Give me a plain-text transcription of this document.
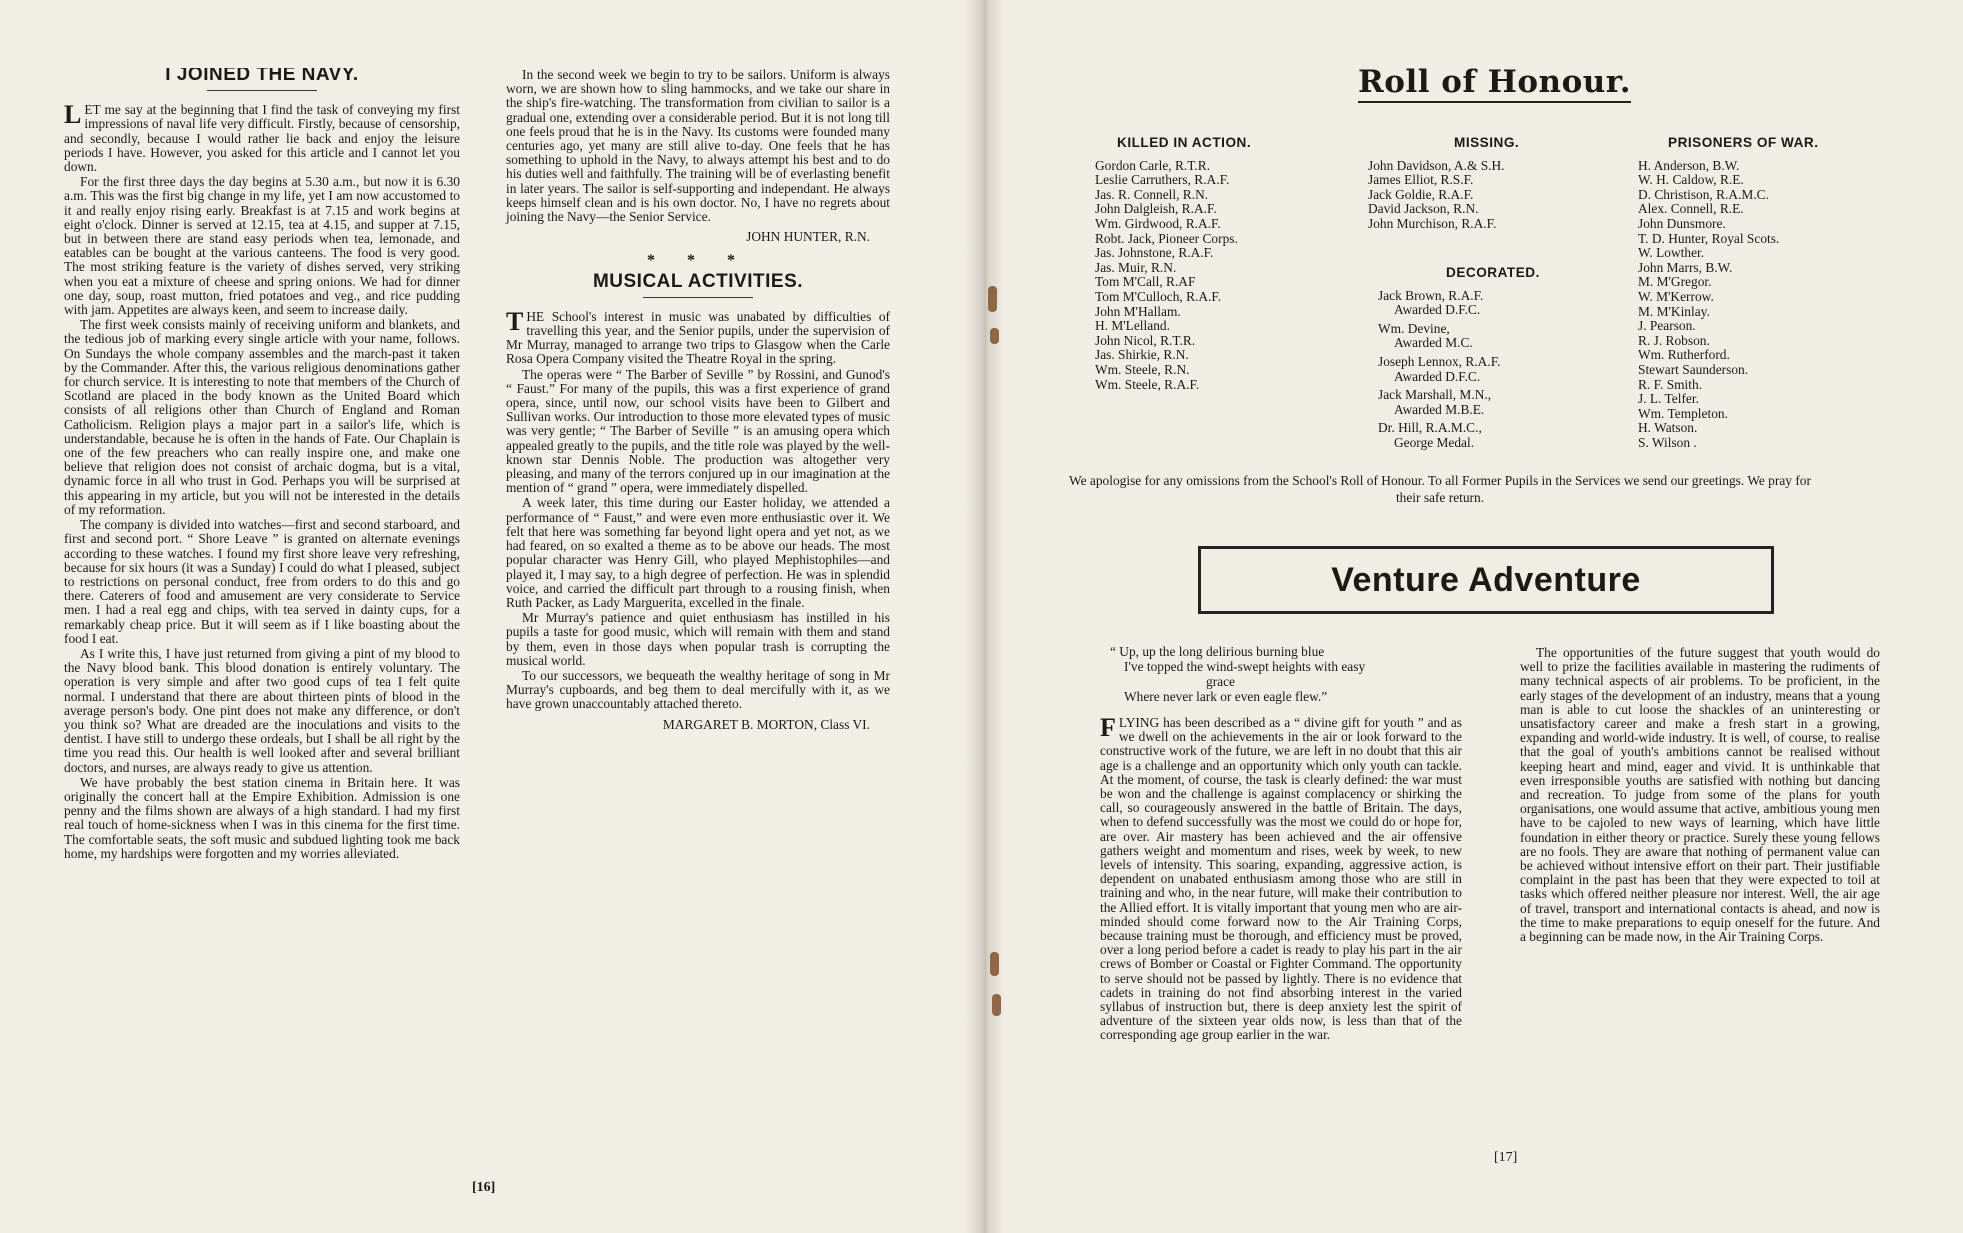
I JOINED THE NAVY.

LET me say at the beginning that I find the task of conveying my first impressions of naval life very difficult. Firstly, because of censorship, and secondly, because I would rather lie back and enjoy the leisure periods I have. However, you asked for this article and I cannot let you down.

For the first three days the day begins at 5.30 a.m., but now it is 6.30 a.m. This was the first big change in my life, yet I am now accustomed to it and really enjoy rising early. Breakfast is at 7.15 and work begins at eight o'clock. Dinner is served at 12.15, tea at 4.15, and supper at 7.15, but in between there are stand easy periods when tea, lemonade, and eatables can be bought at the various canteens. The food is very good. The most striking feature is the variety of dishes served, very striking when you eat a mixture of cheese and spring onions. We had for dinner one day, soup, roast mutton, fried potatoes and veg., and rice pudding with jam. Appetites are always keen, and seem to increase daily.

The first week consists mainly of receiving uniform and blankets, and the tedious job of marking every single article with your name, follows. On Sundays the whole company assembles and the march-past it taken by the Commander. After this, the various religious denominations gather for church service. It is interesting to note that members of the Church of Scotland are placed in the body known as the United Board which consists of all religions other than Church of England and Roman Catholicism. Religion plays a major part in a sailor's life, which is understandable, because he is often in the hands of Fate. Our Chaplain is one of the few preachers who can really inspire one, and make one believe that religion does not consist of archaic dogma, but is a vital, dynamic force in all who trust in God. Perhaps you will be surprised at this appearing in my article, but you will not be interested in the details of my reformation.

The company is divided into watches—first and second starboard, and first and second port. “ Shore Leave ” is granted on alternate evenings according to these watches. I found my first shore leave very refreshing, because for six hours (it was a Sunday) I could do what I pleased, subject to restrictions on personal conduct, free from orders to do this and go there. Caterers of food and amusement are very considerate to Service men. I had a real egg and chips, with tea served in dainty cups, for a remarkably cheap price. But it will seem as if I like boasting about the food I eat.

As I write this, I have just returned from giving a pint of my blood to the Navy blood bank. This blood donation is entirely voluntary. The operation is very simple and after two good cups of tea I felt quite normal. I understand that there are about thirteen pints of blood in the average person's body. One pint does not make any difference, or don't you think so? What are dreaded are the inoculations and visits to the dentist. I have still to undergo these ordeals, but I shall be all right by the time you read this. Our health is well looked after and several brilliant doctors, and nurses, are always ready to give us attention.

We have probably the best station cinema in Britain here. It was originally the concert hall at the Empire Exhibition. Admission is one penny and the films shown are always of a high standard. I had my first real touch of home-sickness when I was in this cinema for the first time. The comfortable seats, the soft music and subdued lighting took me back home, my hardships were forgotten and my worries alleviated.

In the second week we begin to try to be sailors. Uniform is always worn, we are shown how to sling hammocks, and we take our share in the ship's fire-watching. The transformation from civilian to sailor is a gradual one, extending over a considerable period. But it is not long till one feels proud that he is in the Navy. Its customs were founded many centuries ago, yet many are still alive to-day. One feels that he has something to uphold in the Navy, to always attempt his best and to do his duties well and faithfully. The training will be of everlasting benefit in later years. The sailor is self-supporting and independant. He always keeps himself clean and is his own doctor. No, I have no regrets about joining the Navy—the Senior Service.

JOHN HUNTER, R.N.
* * *
MUSICAL ACTIVITIES.

THE School's interest in music was unabated by difficulties of travelling this year, and the Senior pupils, under the supervision of Mr Murray, managed to arrange two trips to Glasgow when the Carle Rosa Opera Company visited the Theatre Royal in the spring.

The operas were “ The Barber of Seville ” by Rossini, and Gunod's “ Faust.” For many of the pupils, this was a first experience of grand opera, since, until now, our school visits have been to Gilbert and Sullivan works. Our introduction to those more elevated types of music was very gentle; “ The Barber of Seville ” is an amusing opera which appealed greatly to the pupils, and the title role was played by the well-known star Dennis Noble. The production was altogether very pleasing, and many of the terrors conjured up in our imagination at the mention of “ grand ” opera, were immediately dispelled.

A week later, this time during our Easter holiday, we attended a performance of “ Faust,” and were even more enthusiastic over it. We felt that here was something far beyond light opera and yet not, as we had feared, on so exalted a theme as to be above our heads. The most popular character was Henry Gill, who played Mephistophiles—and played it, I may say, to a high degree of perfection. He was in splendid voice, and carried the difficult part through to a rousing finish, when Ruth Packer, as Lady Marguerita, excelled in the finale.

Mr Murray's patience and quiet enthusiasm has instilled in his pupils a taste for good music, which will remain with them and stand by them, even in those days when popular trash is corrupting the musical world.

To our successors, we bequeath the wealthy heritage of song in Mr Murray's cupboards, and beg them to deal mercifully with it, as we have grown unaccountably attached thereto.

MARGARET B. MORTON, Class VI.
[16]
Roll of Honour.
KILLED IN ACTION.
Gordon Carle, R.T.R.
Leslie Carruthers, R.A.F.
Jas. R. Connell, R.N.
John Dalgleish, R.A.F.
Wm. Girdwood, R.A.F.
Robt. Jack, Pioneer Corps.
Jas. Johnstone, R.A.F.
Jas. Muir, R.N.
Tom M'Call, R.AF
Tom M'Culloch, R.A.F.
John M'Hallam.
H. M'Lelland.
John Nicol, R.T.R.
Jas. Shirkie, R.N.
Wm. Steele, R.N.
Wm. Steele, R.A.F.
MISSING.
John Davidson, A.& S.H.
James Elliot, R.S.F.
Jack Goldie, R.A.F.
David Jackson, R.N.
John Murchison, R.A.F.
DECORATED.
Jack Brown, R.A.F.
Awarded D.F.C.
Wm. Devine,
Awarded M.C.
Joseph Lennox, R.A.F.
Awarded D.F.C.
Jack Marshall, M.N.,
Awarded M.B.E.
Dr. Hill, R.A.M.C.,
George Medal.
PRISONERS OF WAR.
H. Anderson, B.W.
W. H. Caldow, R.E.
D. Christison, R.A.M.C.
Alex. Connell, R.E.
John Dunsmore.
T. D. Hunter, Royal Scots.
W. Lowther.
John Marrs, B.W.
M. M'Gregor.
W. M'Kerrow.
M. M'Kinlay.
J. Pearson.
R. J. Robson.
Wm. Rutherford.
Stewart Saunderson.
R. F. Smith.
J. L. Telfer.
Wm. Templeton.
H. Watson.
S. Wilson .
We apologise for any omissions from the School's Roll of Honour. To all Former Pupils in the Services we send our greetings. We pray for their safe return.
Venture Adventure
“ Up, up the long delirious burning blue
I've topped the wind-swept heights with easy
grace
Where never lark or even eagle flew.”

FLYING has been described as a “ divine gift for youth ” and as we dwell on the achievements in the air or look forward to the constructive work of the future, we are left in no doubt that this air age is a challenge and an opportunity which only youth can tackle. At the moment, of course, the task is clearly defined: the war must be won and the challenge is against complacency or shirking the call, so courageously answered in the battle of Britain. The days, when to defend successfully was the most we could do or hope for, are over. Air mastery has been achieved and the air offensive gathers weight and momentum and rises, week by week, to new levels of intensity. This soaring, expanding, aggressive action, is dependent on unabated enthusiasm among those who are still in training and who, in the near future, will make their contribution to the Allied effort. It is vitally important that young men who are air-minded should come forward now to the Air Training Corps, because training must be thorough, and efficiency must be proved, over a long period before a cadet is ready to play his part in the air crews of Bomber or Coastal or Fighter Command. The opportunity to serve should not be passed by lightly. There is no evidence that cadets in training do not find absorbing interest in the varied syllabus of instruction but, there is deep anxiety lest the spirit of adventure of the sixteen year olds now, is less than that of the corresponding age group earlier in the war.

The opportunities of the future suggest that youth would do well to prize the facilities available in mastering the rudiments of many technical aspects of air problems. To be proficient, in the early stages of the development of an industry, means that a young man is able to cut loose the shackles of an uninteresting or unsatisfactory career and make a fresh start in a growing, expanding and world-wide industry. It is well, of course, to realise that the goal of youth's ambitions cannot be realised without keeping heart and mind, eager and vivid. It is unthinkable that even irresponsible youths are satisfied with nothing but dancing and recreation. To judge from some of the plans for youth organisations, one would assume that active, ambitious young men have to be cajoled to new ways of learning, which have little foundation in either theory or practice. Surely these young fellows are no fools. They are aware that nothing of permanent value can be achieved without intensive effort on their part. Their justifiable complaint in the past has been that they were expected to toil at tasks which offered neither pleasure nor interest. Well, the air age of travel, transport and international contacts is ahead, and now is the time to make preparations to equip oneself for the future. And a beginning can be made now, in the Air Training Corps.

[17]
